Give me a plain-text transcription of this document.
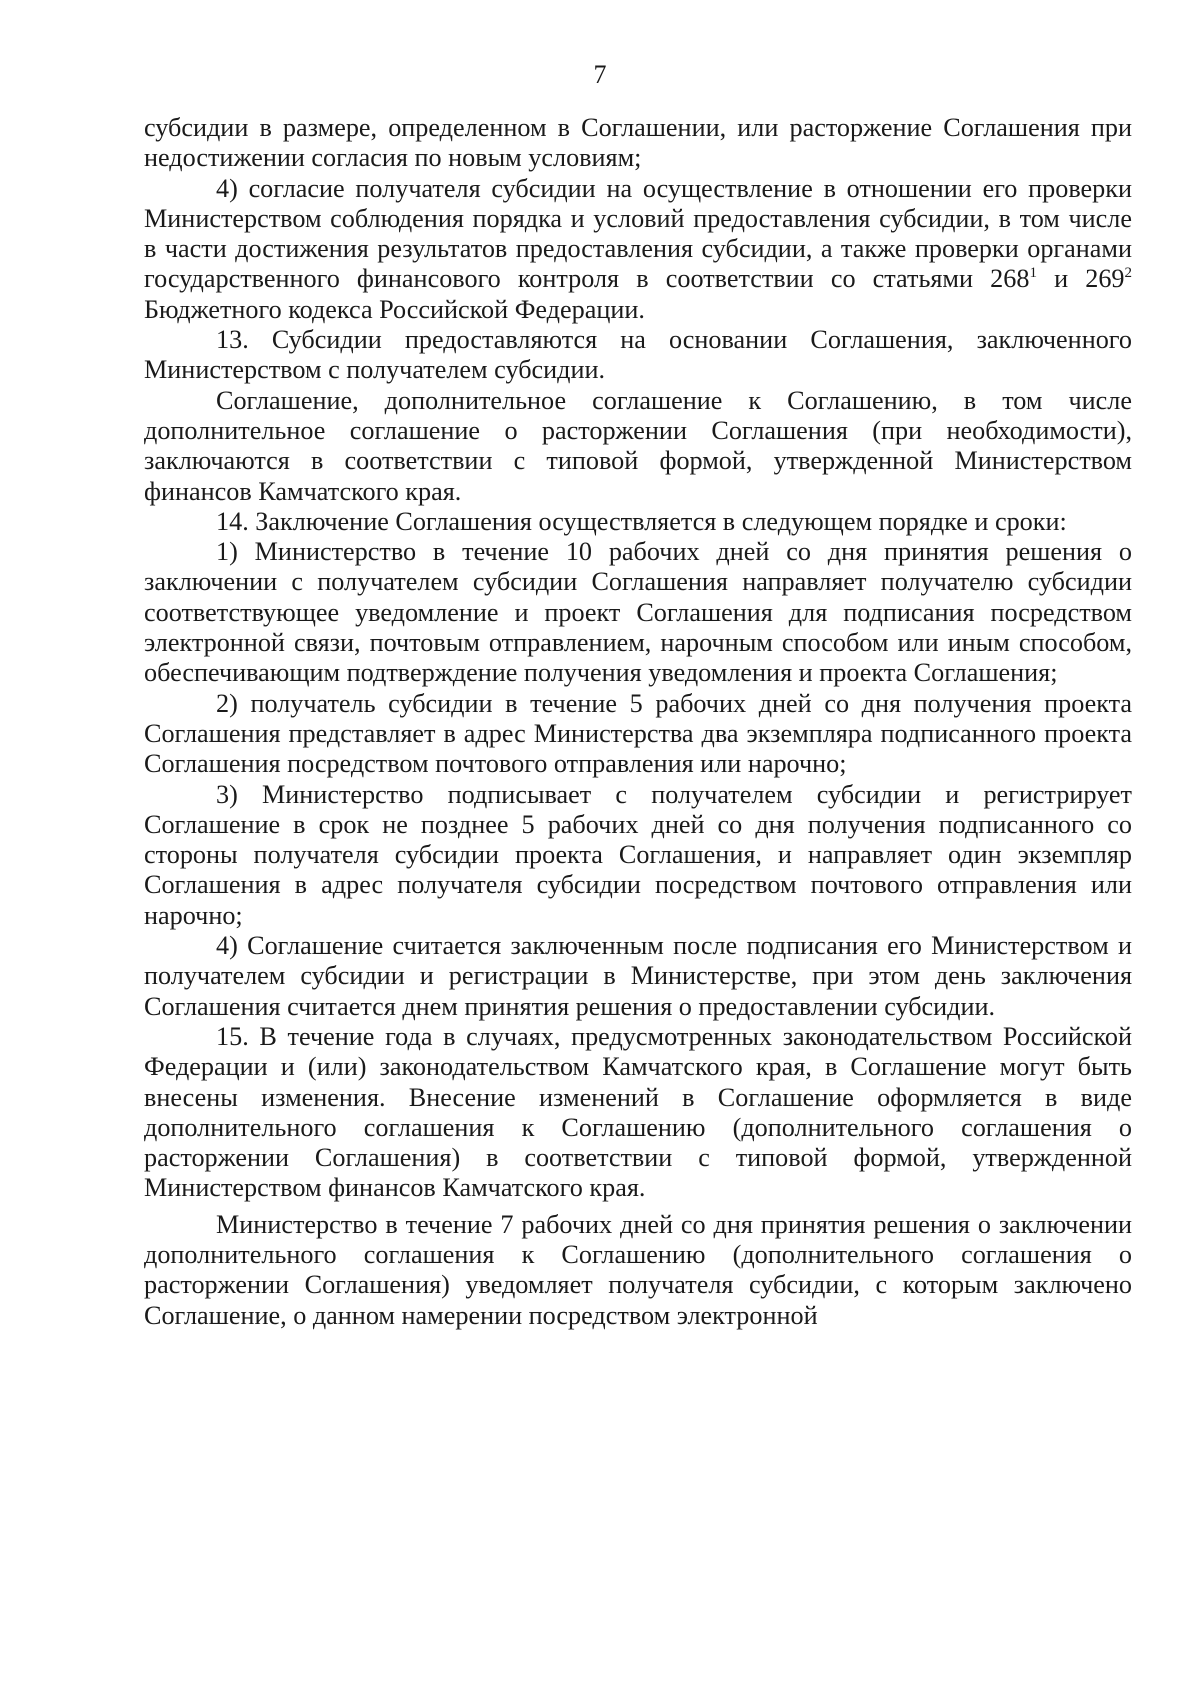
7

субсидии в размере, определенном в Соглашении, или расторжение Соглашения при недостижении согласия по новым условиям;

4) согласие получателя субсидии на осуществление в отношении его проверки Министерством соблюдения порядка и условий предоставления субсидии, в том числе в части достижения результатов предоставления субсидии, а также проверки органами государственного финансового контроля в соответствии со статьями $268^1$ и $269^2$ Бюджетного кодекса Российской Федерации.

13. Субсидии предоставляются на основании Соглашения, заключенного Министерством с получателем субсидии.

Соглашение, дополнительное соглашение к Соглашению, в том числе дополнительное соглашение о расторжении Соглашения (при необходимости), заключаются в соответствии с типовой формой, утвержденной Министерством финансов Камчатского края.

14. Заключение Соглашения осуществляется в следующем порядке и сроки:

1) Министерство в течение 10 рабочих дней со дня принятия решения о заключении с получателем субсидии Соглашения направляет получателю субсидии соответствующее уведомление и проект Соглашения для подписания посредством электронной связи, почтовым отправлением, нарочным способом или иным способом, обеспечивающим подтверждение получения уведомления и проекта Соглашения;

2) получатель субсидии в течение 5 рабочих дней со дня получения проекта Соглашения представляет в адрес Министерства два экземпляра подписанного проекта Соглашения посредством почтового отправления или нарочно;

3) Министерство подписывает с получателем субсидии и регистрирует Соглашение в срок не позднее 5 рабочих дней со дня получения подписанного со стороны получателя субсидии проекта Соглашения, и направляет один экземпляр Соглашения в адрес получателя субсидии посредством почтового отправления или нарочно;

4) Соглашение считается заключенным после подписания его Министерством и получателем субсидии и регистрации в Министерстве, при этом день заключения Соглашения считается днем принятия решения о предоставлении субсидии.

15. В течение года в случаях, предусмотренных законодательством Российской Федерации и (или) законодательством Камчатского края, в Соглашение могут быть внесены изменения. Внесение изменений в Соглашение оформляется в виде дополнительного соглашения к Соглашению (дополнительного соглашения о расторжении Соглашения) в соответствии с типовой формой, утвержденной Министерством финансов Камчатского края.

Министерство в течение 7 рабочих дней со дня принятия решения о заключении дополнительного соглашения к Соглашению (дополнительного соглашения о расторжении Соглашения) уведомляет получателя субсидии, с которым заключено Соглашение, о данном намерении посредством электронной
